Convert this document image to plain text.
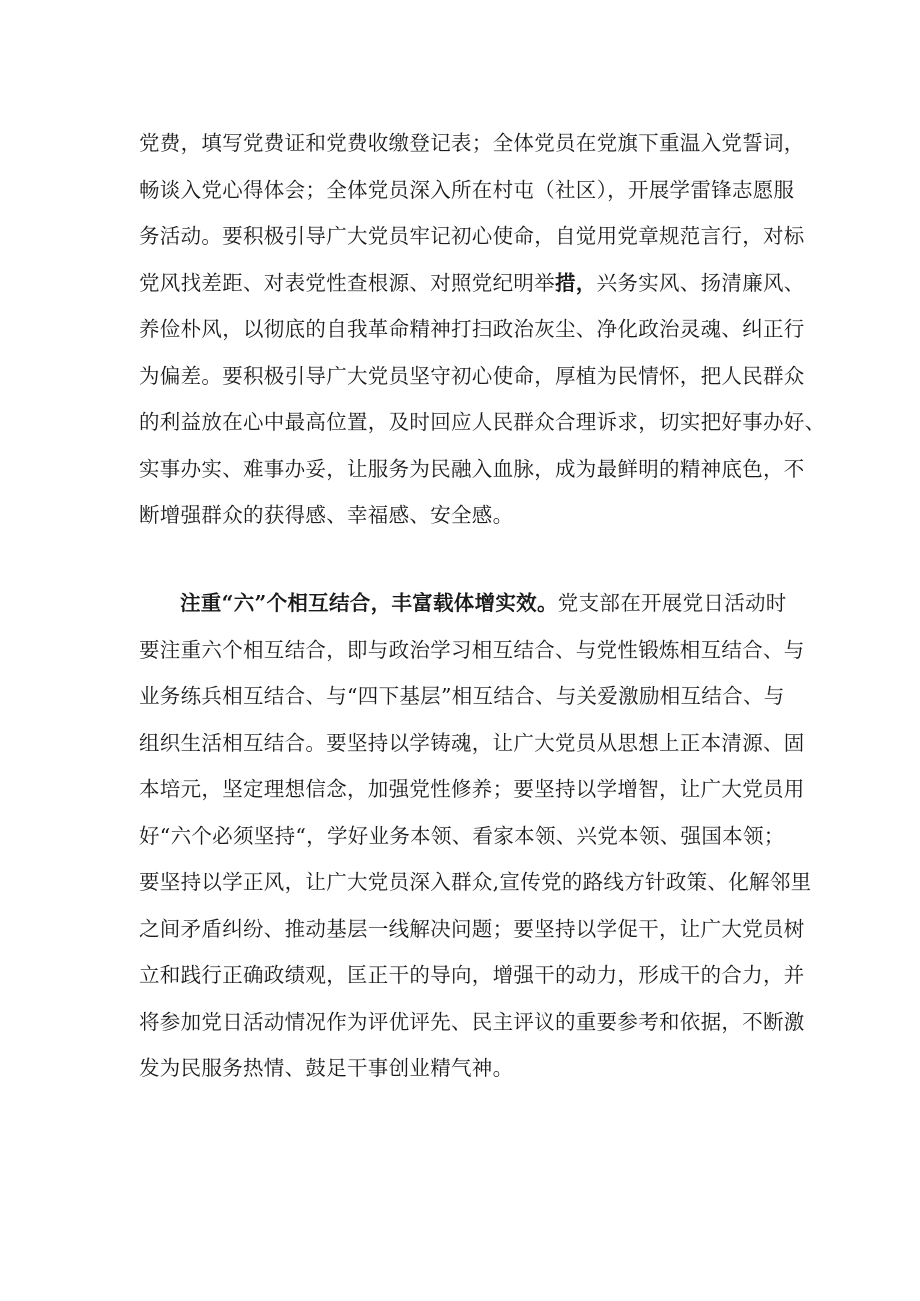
党费，填写党费证和党费收缴登记表；全体党员在党旗下重温入党誓词，
畅谈入党心得体会；全体党员深入所在村屯（社区），开展学雷锋志愿服
务活动。要积极引导广大党员牢记初心使命，自觉用党章规范言行，对标
党风找差距、对表党性查根源、对照党纪明举措，兴务实风、扬清廉风、
养俭朴风，以彻底的自我革命精神打扫政治灰尘、净化政治灵魂、纠正行
为偏差。要积极引导广大党员坚守初心使命，厚植为民情怀，把人民群众
的利益放在心中最高位置，及时回应人民群众合理诉求，切实把好事办好、
实事办实、难事办妥，让服务为民融入血脉，成为最鲜明的精神底色，不
断增强群众的获得感、幸福感、安全感。
注重“六”个相互结合，丰富载体增实效。党支部在开展党日活动时
要注重六个相互结合，即与政治学习相互结合、与党性锻炼相互结合、与
业务练兵相互结合、与“四下基层”相互结合、与关爱激励相互结合、与
组织生活相互结合。要坚持以学铸魂，让广大党员从思想上正本清源、固
本培元，坚定理想信念，加强党性修养；要坚持以学增智，让广大党员用
好“六个必须坚持“，学好业务本领、看家本领、兴党本领、强国本领；
要坚持以学正风，让广大党员深入群众,宣传党的路线方针政策、化解邻里
之间矛盾纠纷、推动基层一线解决问题；要坚持以学促干，让广大党员树
立和践行正确政绩观，匡正干的导向，增强干的动力，形成干的合力，并
将参加党日活动情况作为评优评先、民主评议的重要参考和依据，不断激
发为民服务热情、鼓足干事创业精气神。
